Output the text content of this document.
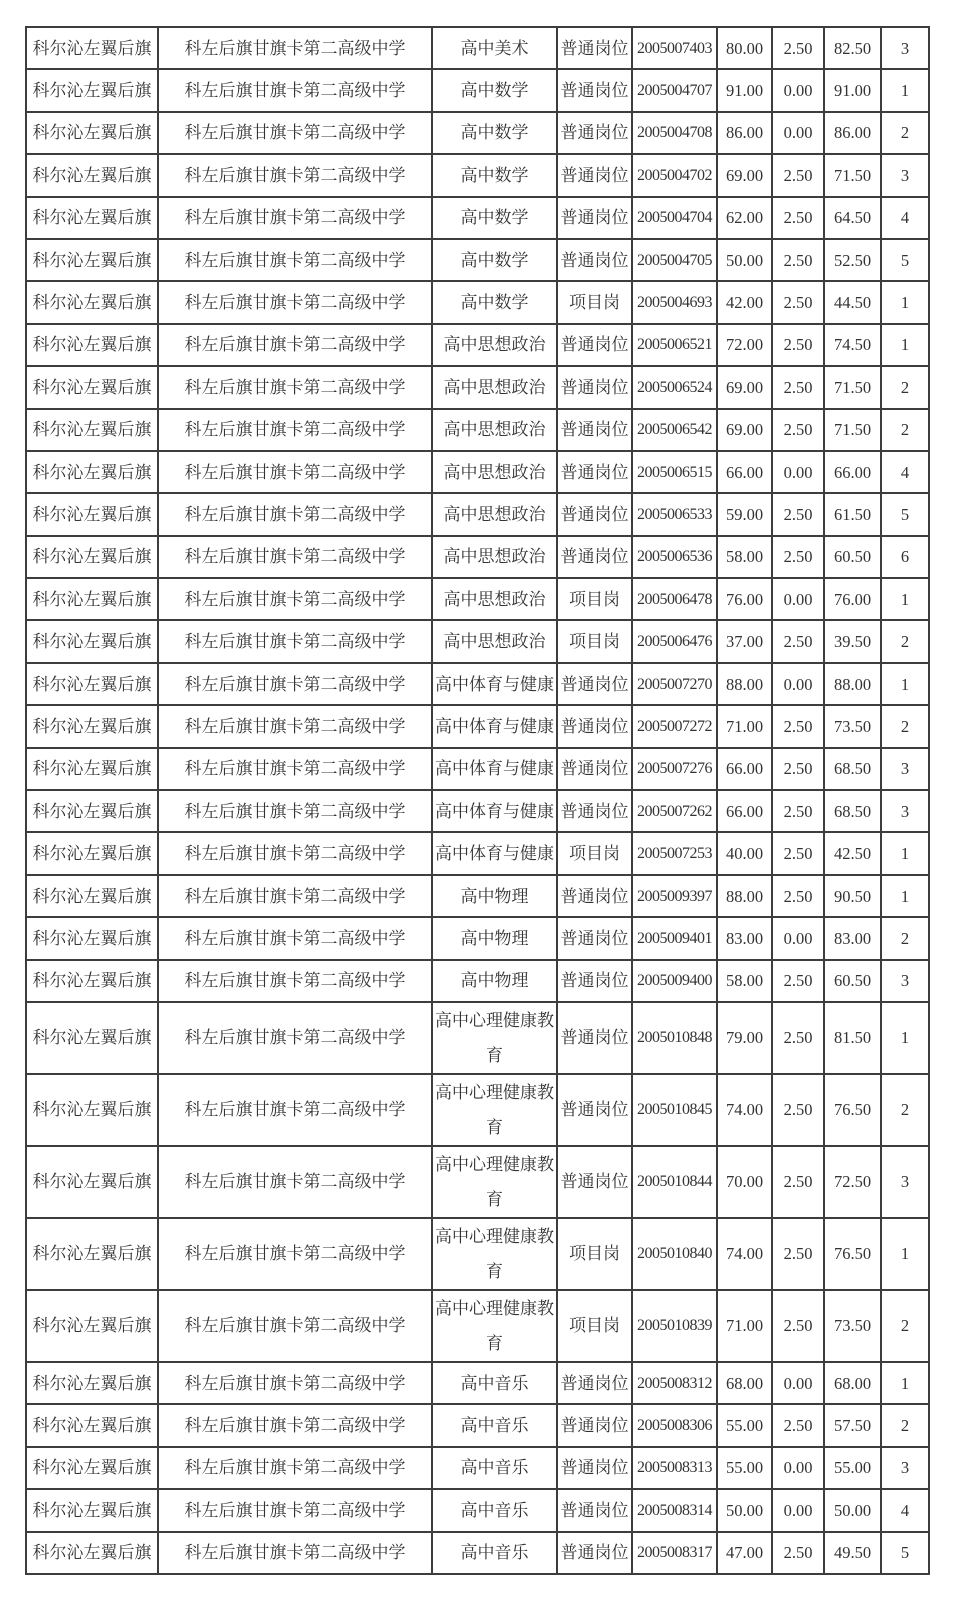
科尔沁左翼后旗	科左后旗甘旗卡第二高级中学	高中美术	普通岗位	2005007403	80.00	2.50	82.50	3
科尔沁左翼后旗	科左后旗甘旗卡第二高级中学	高中数学	普通岗位	2005004707	91.00	0.00	91.00	1
科尔沁左翼后旗	科左后旗甘旗卡第二高级中学	高中数学	普通岗位	2005004708	86.00	0.00	86.00	2
科尔沁左翼后旗	科左后旗甘旗卡第二高级中学	高中数学	普通岗位	2005004702	69.00	2.50	71.50	3
科尔沁左翼后旗	科左后旗甘旗卡第二高级中学	高中数学	普通岗位	2005004704	62.00	2.50	64.50	4
科尔沁左翼后旗	科左后旗甘旗卡第二高级中学	高中数学	普通岗位	2005004705	50.00	2.50	52.50	5
科尔沁左翼后旗	科左后旗甘旗卡第二高级中学	高中数学	项目岗	2005004693	42.00	2.50	44.50	1
科尔沁左翼后旗	科左后旗甘旗卡第二高级中学	高中思想政治	普通岗位	2005006521	72.00	2.50	74.50	1
科尔沁左翼后旗	科左后旗甘旗卡第二高级中学	高中思想政治	普通岗位	2005006524	69.00	2.50	71.50	2
科尔沁左翼后旗	科左后旗甘旗卡第二高级中学	高中思想政治	普通岗位	2005006542	69.00	2.50	71.50	2
科尔沁左翼后旗	科左后旗甘旗卡第二高级中学	高中思想政治	普通岗位	2005006515	66.00	0.00	66.00	4
科尔沁左翼后旗	科左后旗甘旗卡第二高级中学	高中思想政治	普通岗位	2005006533	59.00	2.50	61.50	5
科尔沁左翼后旗	科左后旗甘旗卡第二高级中学	高中思想政治	普通岗位	2005006536	58.00	2.50	60.50	6
科尔沁左翼后旗	科左后旗甘旗卡第二高级中学	高中思想政治	项目岗	2005006478	76.00	0.00	76.00	1
科尔沁左翼后旗	科左后旗甘旗卡第二高级中学	高中思想政治	项目岗	2005006476	37.00	2.50	39.50	2
科尔沁左翼后旗	科左后旗甘旗卡第二高级中学	高中体育与健康	普通岗位	2005007270	88.00	0.00	88.00	1
科尔沁左翼后旗	科左后旗甘旗卡第二高级中学	高中体育与健康	普通岗位	2005007272	71.00	2.50	73.50	2
科尔沁左翼后旗	科左后旗甘旗卡第二高级中学	高中体育与健康	普通岗位	2005007276	66.00	2.50	68.50	3
科尔沁左翼后旗	科左后旗甘旗卡第二高级中学	高中体育与健康	普通岗位	2005007262	66.00	2.50	68.50	3
科尔沁左翼后旗	科左后旗甘旗卡第二高级中学	高中体育与健康	项目岗	2005007253	40.00	2.50	42.50	1
科尔沁左翼后旗	科左后旗甘旗卡第二高级中学	高中物理	普通岗位	2005009397	88.00	2.50	90.50	1
科尔沁左翼后旗	科左后旗甘旗卡第二高级中学	高中物理	普通岗位	2005009401	83.00	0.00	83.00	2
科尔沁左翼后旗	科左后旗甘旗卡第二高级中学	高中物理	普通岗位	2005009400	58.00	2.50	60.50	3
科尔沁左翼后旗	科左后旗甘旗卡第二高级中学	高中心理健康教育	普通岗位	2005010848	79.00	2.50	81.50	1
科尔沁左翼后旗	科左后旗甘旗卡第二高级中学	高中心理健康教育	普通岗位	2005010845	74.00	2.50	76.50	2
科尔沁左翼后旗	科左后旗甘旗卡第二高级中学	高中心理健康教育	普通岗位	2005010844	70.00	2.50	72.50	3
科尔沁左翼后旗	科左后旗甘旗卡第二高级中学	高中心理健康教育	项目岗	2005010840	74.00	2.50	76.50	1
科尔沁左翼后旗	科左后旗甘旗卡第二高级中学	高中心理健康教育	项目岗	2005010839	71.00	2.50	73.50	2
科尔沁左翼后旗	科左后旗甘旗卡第二高级中学	高中音乐	普通岗位	2005008312	68.00	0.00	68.00	1
科尔沁左翼后旗	科左后旗甘旗卡第二高级中学	高中音乐	普通岗位	2005008306	55.00	2.50	57.50	2
科尔沁左翼后旗	科左后旗甘旗卡第二高级中学	高中音乐	普通岗位	2005008313	55.00	0.00	55.00	3
科尔沁左翼后旗	科左后旗甘旗卡第二高级中学	高中音乐	普通岗位	2005008314	50.00	0.00	50.00	4
科尔沁左翼后旗	科左后旗甘旗卡第二高级中学	高中音乐	普通岗位	2005008317	47.00	2.50	49.50	5
